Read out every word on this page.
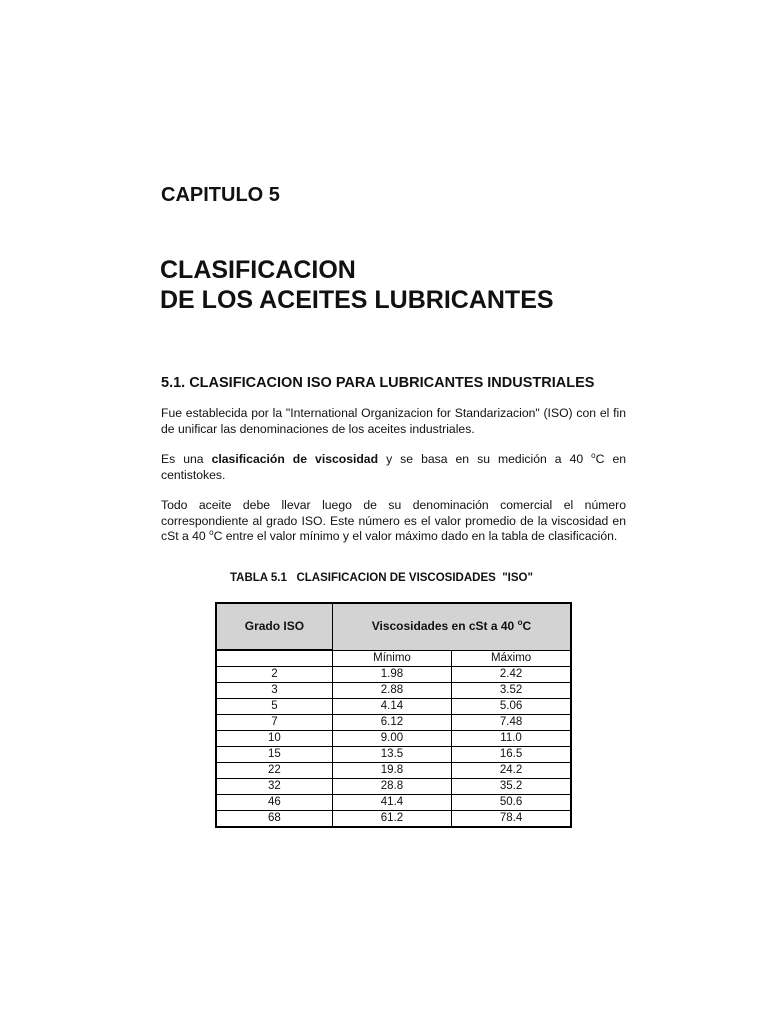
CAPITULO 5
CLASIFICACION
DE LOS ACEITES LUBRICANTES
5.1. CLASIFICACION ISO PARA LUBRICANTES INDUSTRIALES

Fue establecida por la "International Organizacion for Standarizacion" (ISO) con el fin de unificar las denominaciones de los aceites industriales.

Es una clasificación de viscosidad y se basa en su medición a 40 $^o$C en centistokes.

Todo aceite debe llevar luego de su denominación comercial el número correspondiente al grado ISO. Este número es el valor promedio de la viscosidad en cSt a 40 $^o$C entre el valor mínimo y el valor máximo dado en la tabla de clasificación.

TABLA 5.1   CLASIFICACION DE VISCOSIDADES  "ISO"

Grado ISO	Viscosidades en cSt a 40 $^o$C	
	Mínimo	Máximo
2	1.98	2.42
3	2.88	3.52
5	4.14	5.06
7	6.12	7.48
10	9.00	11.0
15	13.5	16.5
22	19.8	24.2
32	28.8	35.2
46	41.4	50.6
68	61.2	78.4
